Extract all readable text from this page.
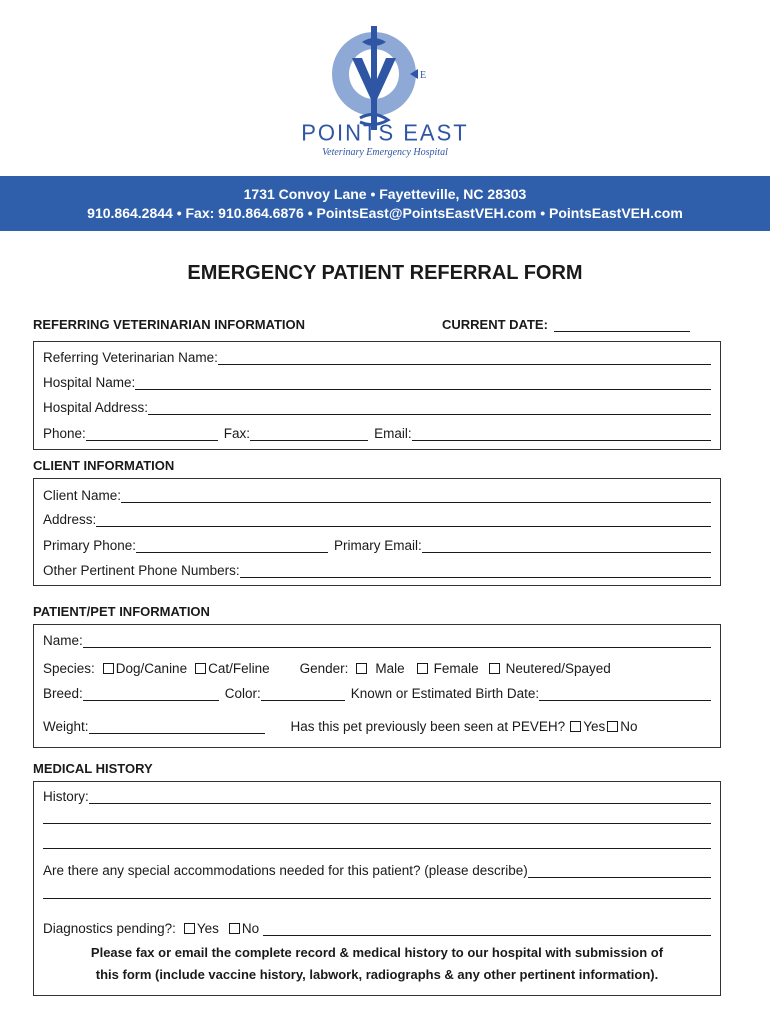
E
POINTS EAST
Veterinary Emergency Hospital
1731 Convoy Lane • Fayetteville, NC 28303
910.864.2844 • Fax: 910.864.6876 • PointsEast@PointsEastVEH.com • PointsEastVEH.com
EMERGENCY PATIENT REFERRAL FORM
REFERRING VETERINARIAN INFORMATION	CURRENT DATE:
Referring Veterinarian Name:
Hospital Name:
Hospital Address:
Phone:	Fax:	Email:
CLIENT INFORMATION
Client Name:
Address:
Primary Phone:	Primary Email:
Other Pertinent Phone Numbers:
PATIENT/PET INFORMATION
Name:
Species: Dog/Canine Cat/Feline Gender: Male Female Neutered/Spayed
Breed:	Color:	Known or Estimated Birth Date:
Weight:	Has this pet previously been seen at PEVEH? Yes No
MEDICAL HISTORY
History:
Are there any special accommodations needed for this patient? (please describe)
Diagnostics pending?: Yes No
Please fax or email the complete record & medical history to our hospital with submission of
this form (include vaccine history, labwork, radiographs & any other pertinent information).
